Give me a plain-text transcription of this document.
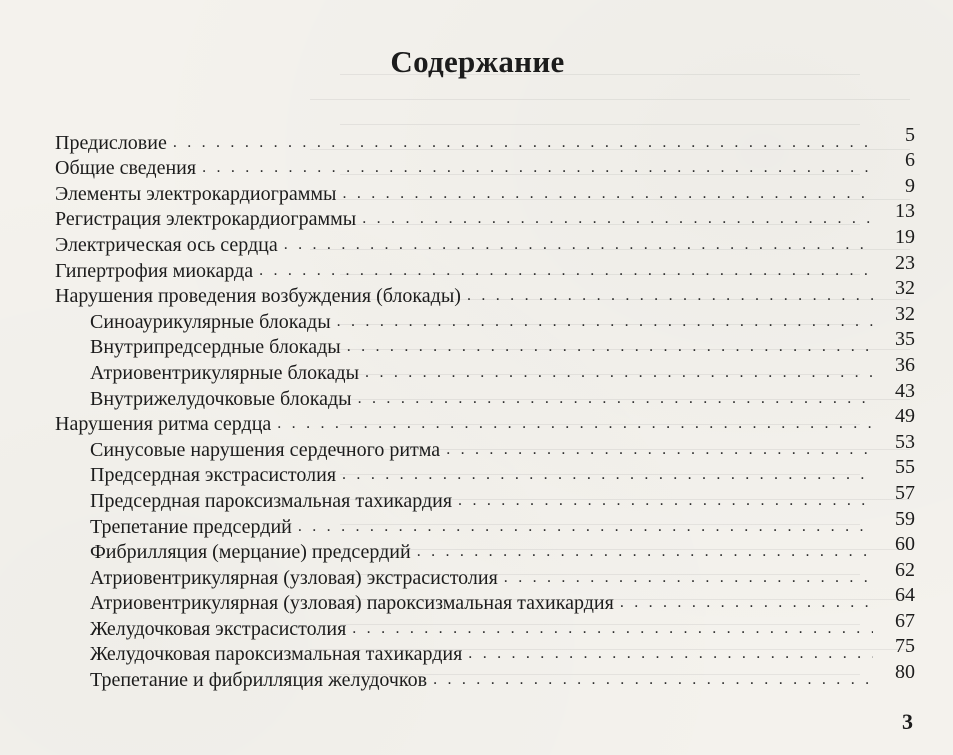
Содержание
Предисловие . . .	5
Общие сведения . . .	6
Элементы электрокардиограммы . . .	9
Регистрация электрокардиограммы . . .	13
Электрическая ось сердца . . .	19
Гипертрофия миокарда . . .	23
Нарушения проведения возбуждения (блокады) . . .	32
Синоаурикулярные блокады . . .	32
Внутрипредсердные блокады . . .	35
Атриовентрикулярные блокады . . .	36
Внутрижелудочковые блокады . . .	43
Нарушения ритма сердца . . .	49
Синусовые нарушения сердечного ритма . . .	53
Предсердная экстрасистолия . . .	55
Предсердная пароксизмальная тахикардия . . .	57
Трепетание предсердий . . .	59
Фибрилляция (мерцание) предсердий . . .	60
Атриовентрикулярная (узловая) экстрасистолия . . .	62
Атриовентрикулярная (узловая) пароксизмальная тахикардия . . .	64
Желудочковая экстрасистолия . . .	67
Желудочковая пароксизмальная тахикардия . . .	75
Трепетание и фибрилляция желудочков . . .	80
3
